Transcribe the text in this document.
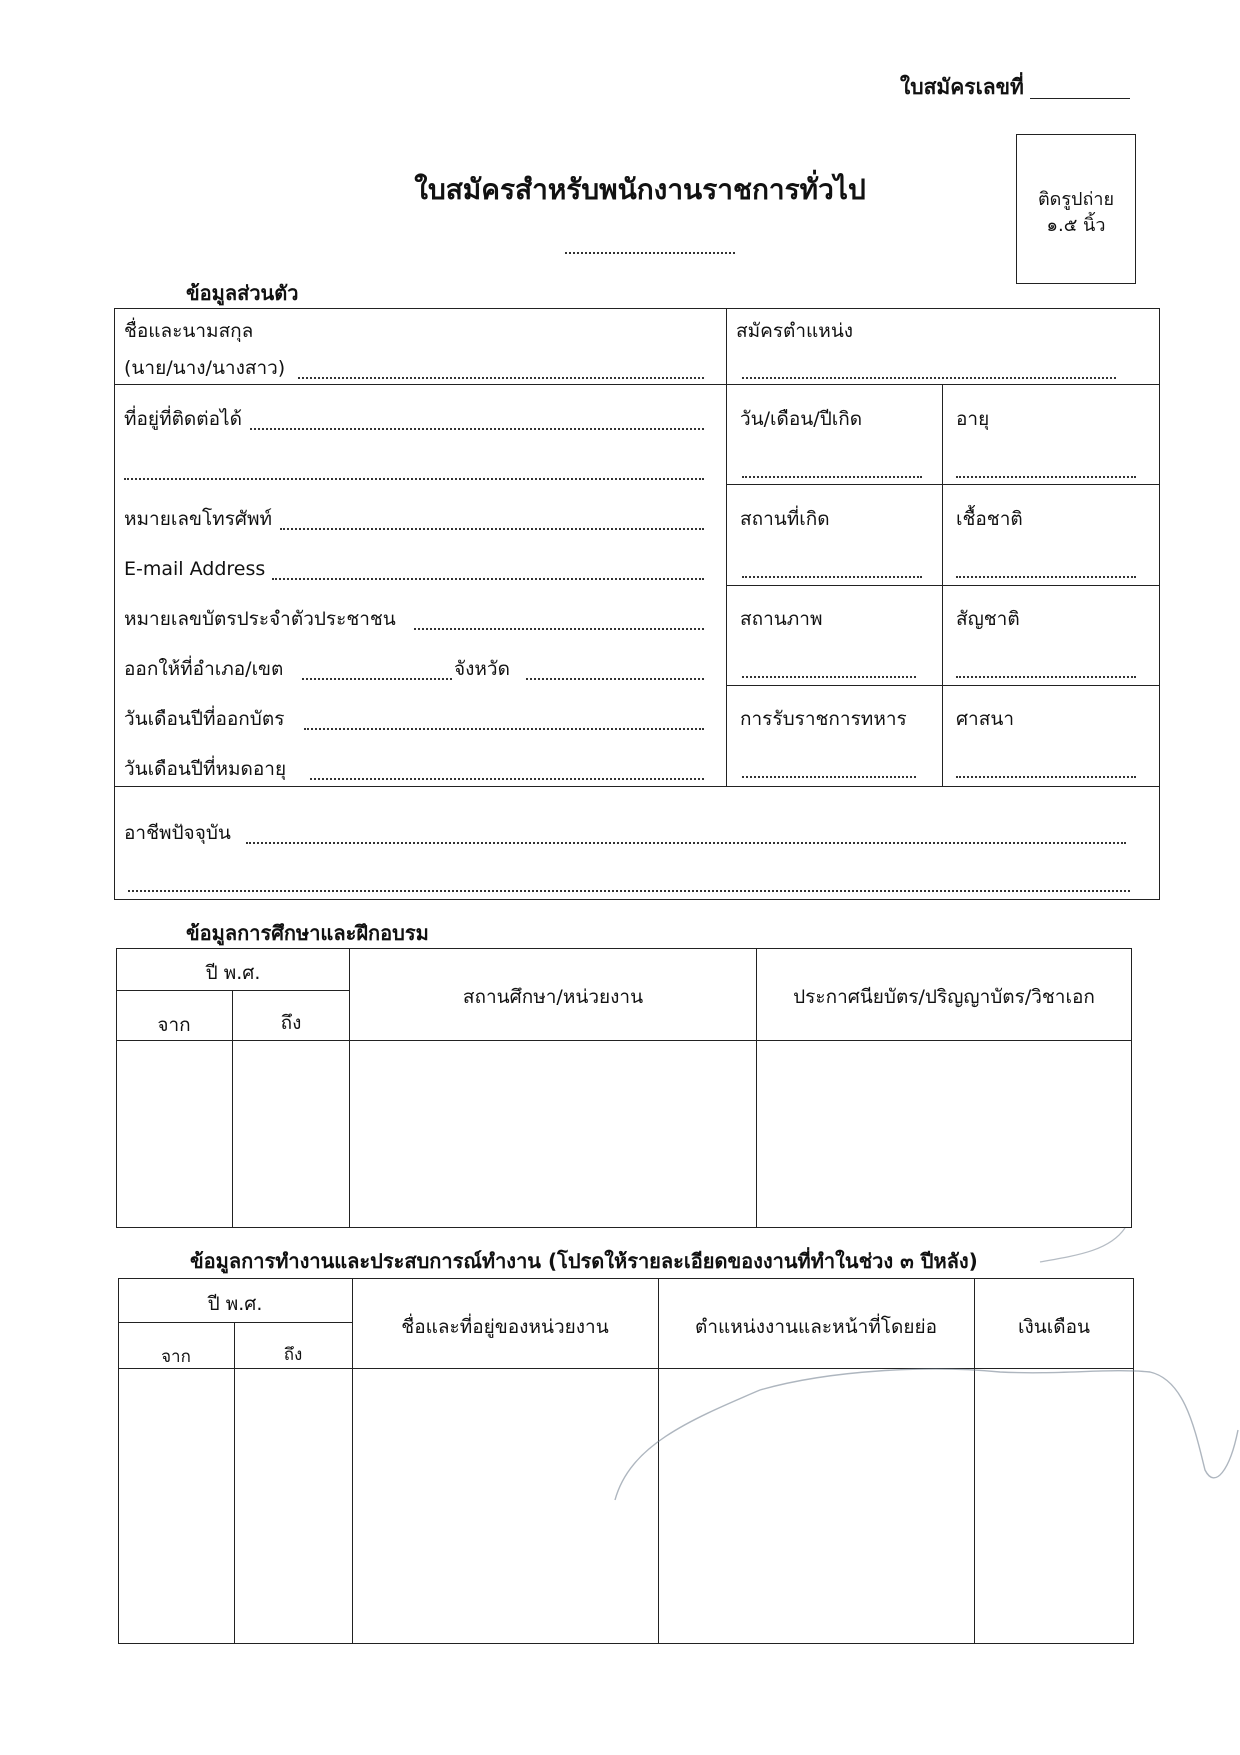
ใบสมัครเลขที่
ติดรูปถ่าย
๑.๕ นิ้ว
ใบสมัครสำหรับพนักงานราชการทั่วไป
ข้อมูลส่วนตัว
ชื่อและนามสกุล
(นาย/นาง/นางสาว)
สมัครตำแหน่ง
ที่อยู่ที่ติดต่อได้
หมายเลขโทรศัพท์
E-mail Address
หมายเลขบัตรประจำตัวประชาชน
ออกให้ที่อำเภอ/เขต	จังหวัด
วันเดือนปีที่ออกบัตร
วันเดือนปีที่หมดอายุ
วัน/เดือน/ปีเกิด	อายุ
สถานที่เกิด	เชื้อชาติ
สถานภาพ	สัญชาติ
การรับราชการทหาร	ศาสนา
อาชีพปัจจุบัน
ข้อมูลการศึกษาและฝึกอบรม
ปี พ.ศ.
จาก	ถึง
สถานศึกษา/หน่วยงาน	ประกาศนียบัตร/ปริญญาบัตร/วิชาเอก
ข้อมูลการทำงานและประสบการณ์ทำงาน (โปรดให้รายละเอียดของงานที่ทำในช่วง ๓ ปีหลัง)
ปี พ.ศ.
จาก	ถึง
ชื่อและที่อยู่ของหน่วยงาน	ตำแหน่งงานและหน้าที่โดยย่อ	เงินเดือน
